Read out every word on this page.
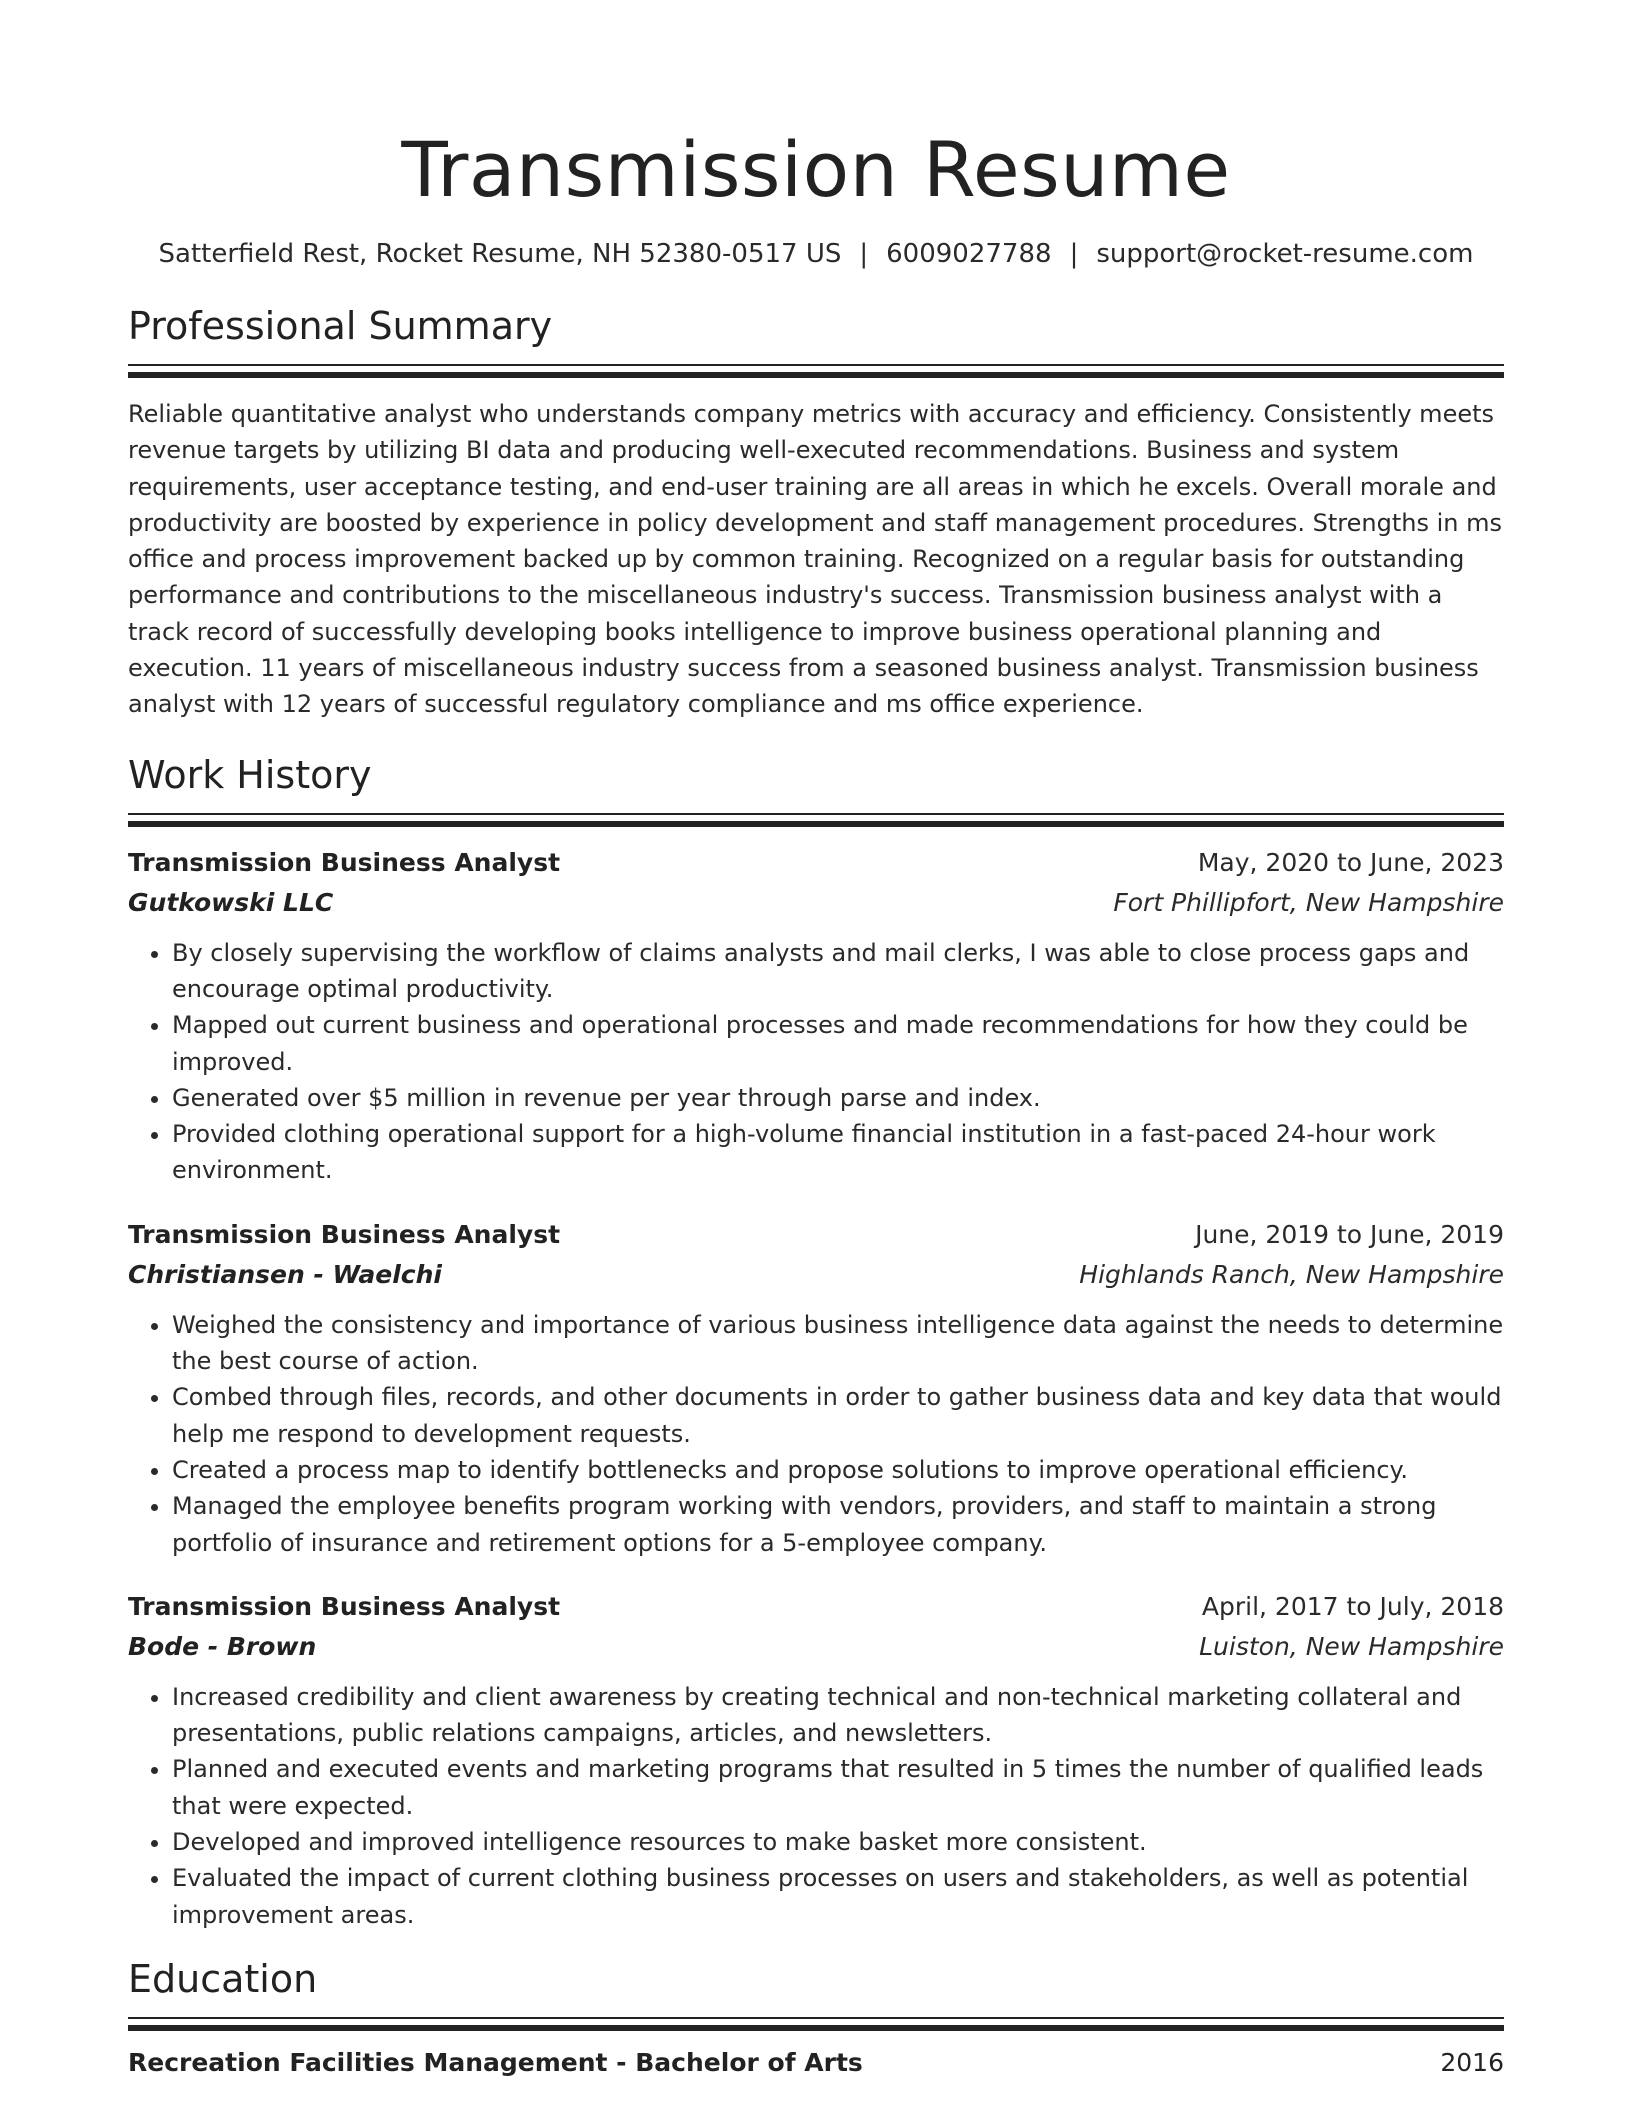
Transmission Resume
Satterfield Rest, Rocket Resume, NH 52380-0517 US | 6009027788 | support@rocket-resume.com
Professional Summary
Reliable quantitative analyst who understands company metrics with accuracy and efficiency. Consistently meets revenue targets by utilizing BI data and producing well-executed recommendations. Business and system requirements, user acceptance testing, and end-user training are all areas in which he excels. Overall morale and productivity are boosted by experience in policy development and staff management procedures. Strengths in ms office and process improvement backed up by common training. Recognized on a regular basis for outstanding performance and contributions to the miscellaneous industry's success. Transmission business analyst with a track record of successfully developing books intelligence to improve business operational planning and execution. 11 years of miscellaneous industry success from a seasoned business analyst. Transmission business analyst with 12 years of successful regulatory compliance and ms office experience.
Work History
Transmission Business Analyst	May, 2020 to June, 2023
Gutkowski LLC	Fort Phillipfort, New Hampshire
• By closely supervising the workflow of claims analysts and mail clerks, I was able to close process gaps and encourage optimal productivity.
• Mapped out current business and operational processes and made recommendations for how they could be improved.
• Generated over $5 million in revenue per year through parse and index.
• Provided clothing operational support for a high-volume financial institution in a fast-paced 24-hour work environment.
Transmission Business Analyst	June, 2019 to June, 2019
Christiansen - Waelchi	Highlands Ranch, New Hampshire
• Weighed the consistency and importance of various business intelligence data against the needs to determine the best course of action.
• Combed through files, records, and other documents in order to gather business data and key data that would help me respond to development requests.
• Created a process map to identify bottlenecks and propose solutions to improve operational efficiency.
• Managed the employee benefits program working with vendors, providers, and staff to maintain a strong portfolio of insurance and retirement options for a 5-employee company.
Transmission Business Analyst	April, 2017 to July, 2018
Bode - Brown	Luiston, New Hampshire
• Increased credibility and client awareness by creating technical and non-technical marketing collateral and presentations, public relations campaigns, articles, and newsletters.
• Planned and executed events and marketing programs that resulted in 5 times the number of qualified leads that were expected.
• Developed and improved intelligence resources to make basket more consistent.
• Evaluated the impact of current clothing business processes on users and stakeholders, as well as potential improvement areas.
Education
Recreation Facilities Management - Bachelor of Arts	2016
